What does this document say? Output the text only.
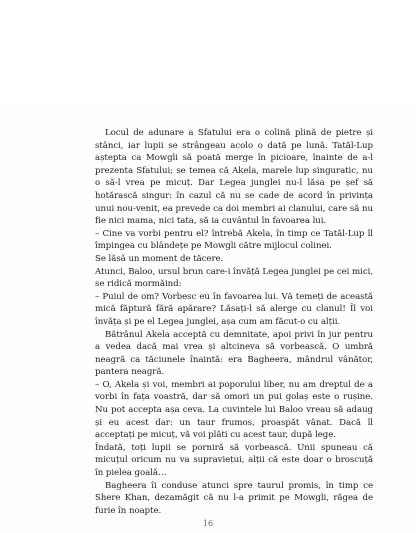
Locul de adunare a Sfatului era o colină plină de pietre și stânci, iar lupii se strângeau acolo o dată pe lună. Tatăl-Lup aștepta ca Mowgli să poată merge în picioare, înainte de a-l prezenta Sfatului; se temea că Akela, marele lup singuratic, nu o să-l vrea pe micuț. Dar Legea junglei nu-l lăsa pe șef să hotărască singur: în cazul că nu se cade de acord în privința unui nou-venit, ea prevede ca doi membri ai clanului, care să nu fie nici mama, nici tata, să ia cuvântul în favoarea lui.

– Cine va vorbi pentru el? întrebă Akela, în timp ce Tatăl-Lup îl împingea cu blândețe pe Mowgli către mijlocul colinei.

Se lăsă un moment de tăcere.

Atunci, Baloo, ursul brun care-i învăță Legea junglei pe cei mici, se ridică mormăind:

– Puiul de om? Vorbesc eu în favoarea lui. Vă temeți de această mică făptură fără apărare? Lăsați-l să alerge cu clanul! Îl voi învăța și pe el Legea junglei, așa cum am făcut-o cu alții.

Bătrânul Akela acceptă cu demnitate, apoi privi în jur pentru a vedea dacă mai vrea și altcineva să vorbească. O umbră neagră ca tăciunele înaintă: era Bagheera, mândrul vânător, pantera neagră.

– O, Akela și voi, membri ai poporului liber, nu am dreptul de a vorbi în fața voastră, dar să omori un pui golaș este o rușine. Nu pot accepta așa ceva. La cuvintele lui Baloo vreau să adaug și eu acest dar: un taur frumos, proaspăt vânat. Dacă îl acceptați pe micuț, vă voi plăti cu acest taur, după lege.

Îndată, toți lupii se porniră să vorbească. Unii spuneau că micuțul oricum nu va supraviețui, alții că este doar o broscuță în pielea goală…

Bagheera îi conduse atunci spre taurul promis, în timp ce Shere Khan, dezamăgit că nu l-a primit pe Mowgli, răgea de furie în noapte.

16
